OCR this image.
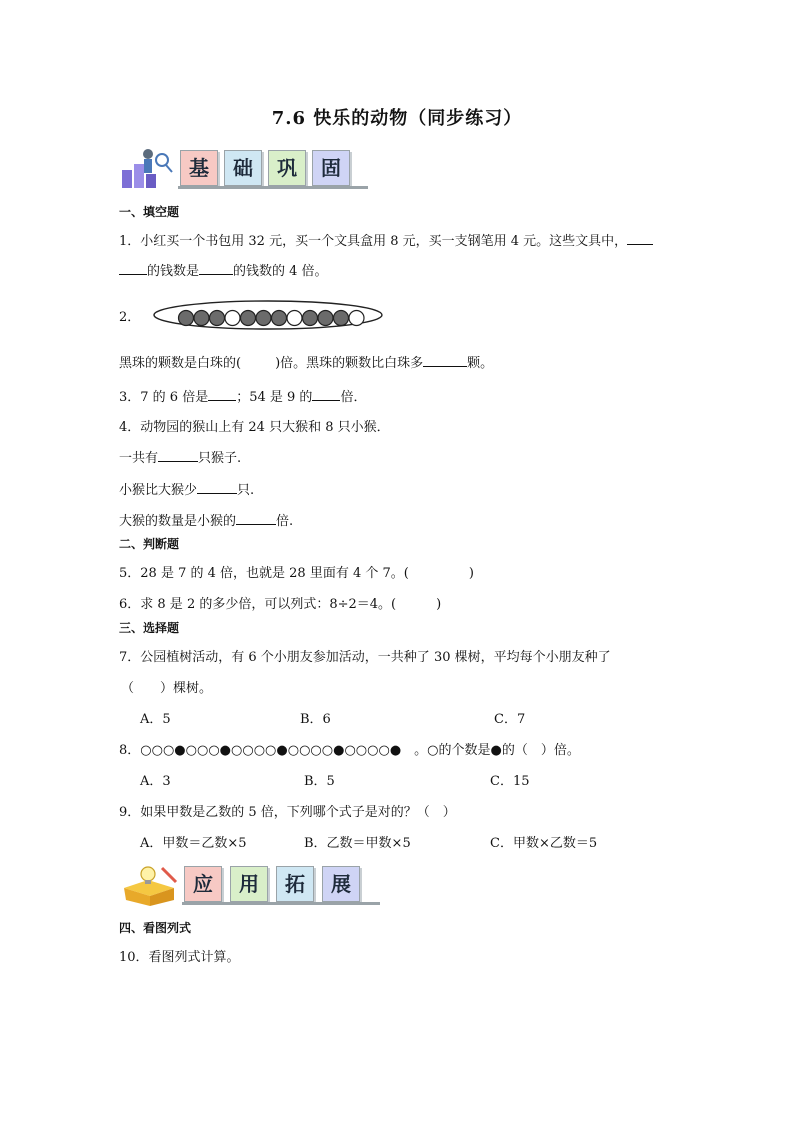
7.6 快乐的动物（同步练习）
基	础	巩	固
一、填空题
1．小红买一个书包用 32 元，买一个文具盒用 8 元，买一支钢笔用 4 元。这些文具中，
的钱数是	的钱数的 4 倍。
2．
黑珠的颗数是白珠的(	)倍。黑珠的颗数比白珠多	颗。
3．7 的 6 倍是 ；54 是 9 的 倍．
4．动物园的猴山上有 24 只大猴和 8 只小猴．
一共有	只猴子.
小猴比大猴少	只.
大猴的数量是小猴的	倍.
二、判断题
5．28 是 7 的 4 倍，也就是 28 里面有 4 个 7。(	)
6．求 8 是 2 的多少倍，可以列式：8÷2＝4。(	)
三、选择题
7．公园植树活动，有 6 个小朋友参加活动，一共种了 30 棵树，平均每个小朋友种了
（　　）棵树。
A．5	B．6	C．7
8．○○○●○○○●○○○○●○○○○●○○○○●　。○的个数是●的（　）倍。
A．3	B．5	C．15
9．如果甲数是乙数的 5 倍，下列哪个式子是对的？（　）
A．甲数＝乙数×5	B．乙数＝甲数×5	C．甲数×乙数＝5
应	用	拓	展
四、看图列式
10．看图列式计算。
